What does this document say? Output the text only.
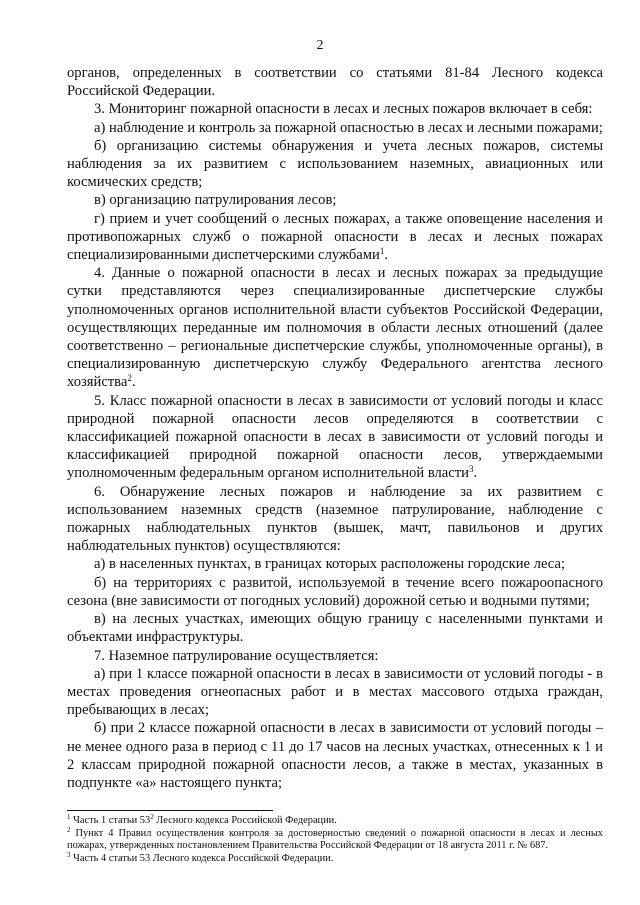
2

органов, определенных в соответствии со статьями 81-84 Лесного кодекса Российской Федерации.

3. Мониторинг пожарной опасности в лесах и лесных пожаров включает в себя:

а) наблюдение и контроль за пожарной опасностью в лесах и лесными пожарами;

б) организацию системы обнаружения и учета лесных пожаров, системы наблюдения за их развитием с использованием наземных, авиационных или космических средств;

в) организацию патрулирования лесов;

г) прием и учет сообщений о лесных пожарах, а также оповещение населения и противопожарных служб о пожарной опасности в лесах и лесных пожарах специализированными диспетчерскими службами$^1$.

4. Данные о пожарной опасности в лесах и лесных пожарах за предыдущие сутки представляются через специализированные диспетчерские службы уполномоченных органов исполнительной власти субъектов Российской Федерации, осуществляющих переданные им полномочия в области лесных отношений (далее соответственно – региональные диспетчерские службы, уполномоченные органы), в специализированную диспетчерскую службу Федерального агентства лесного хозяйства$^2$.

5. Класс пожарной опасности в лесах в зависимости от условий погоды и класс природной пожарной опасности лесов определяются в соответствии с классификацией пожарной опасности в лесах в зависимости от условий погоды и классификацией природной пожарной опасности лесов, утверждаемыми уполномоченным федеральным органом исполнительной власти$^3$.

6. Обнаружение лесных пожаров и наблюдение за их развитием с использованием наземных средств (наземное патрулирование, наблюдение с пожарных наблюдательных пунктов (вышек, мачт, павильонов и других наблюдательных пунктов) осуществляются:

а) в населенных пунктах, в границах которых расположены городские леса;

б) на территориях с развитой, используемой в течение всего пожароопасного сезона (вне зависимости от погодных условий) дорожной сетью и водными путями;

в) на лесных участках, имеющих общую границу с населенными пунктами и объектами инфраструктуры.

7. Наземное патрулирование осуществляется:

а) при 1 классе пожарной опасности в лесах в зависимости от условий погоды - в местах проведения огнеопасных работ и в местах массового отдыха граждан, пребывающих в лесах;

б) при 2 классе пожарной опасности в лесах в зависимости от условий погоды – не менее одного раза в период с 11 до 17 часов на лесных участках, отнесенных к 1 и 2 классам природной пожарной опасности лесов, а также в местах, указанных в подпункте «а» настоящего пункта;

$^1$ Часть 1 статьи $53^2$ Лесного кодекса Российской Федерации.

$^2$ Пункт 4 Правил осуществления контроля за достоверностью сведений о пожарной опасности в лесах и лесных пожарах, утвержденных постановлением Правительства Российской Федерации от 18 августа 2011 г. № 687.

$^3$ Часть 4 статьи 53 Лесного кодекса Российской Федерации.
